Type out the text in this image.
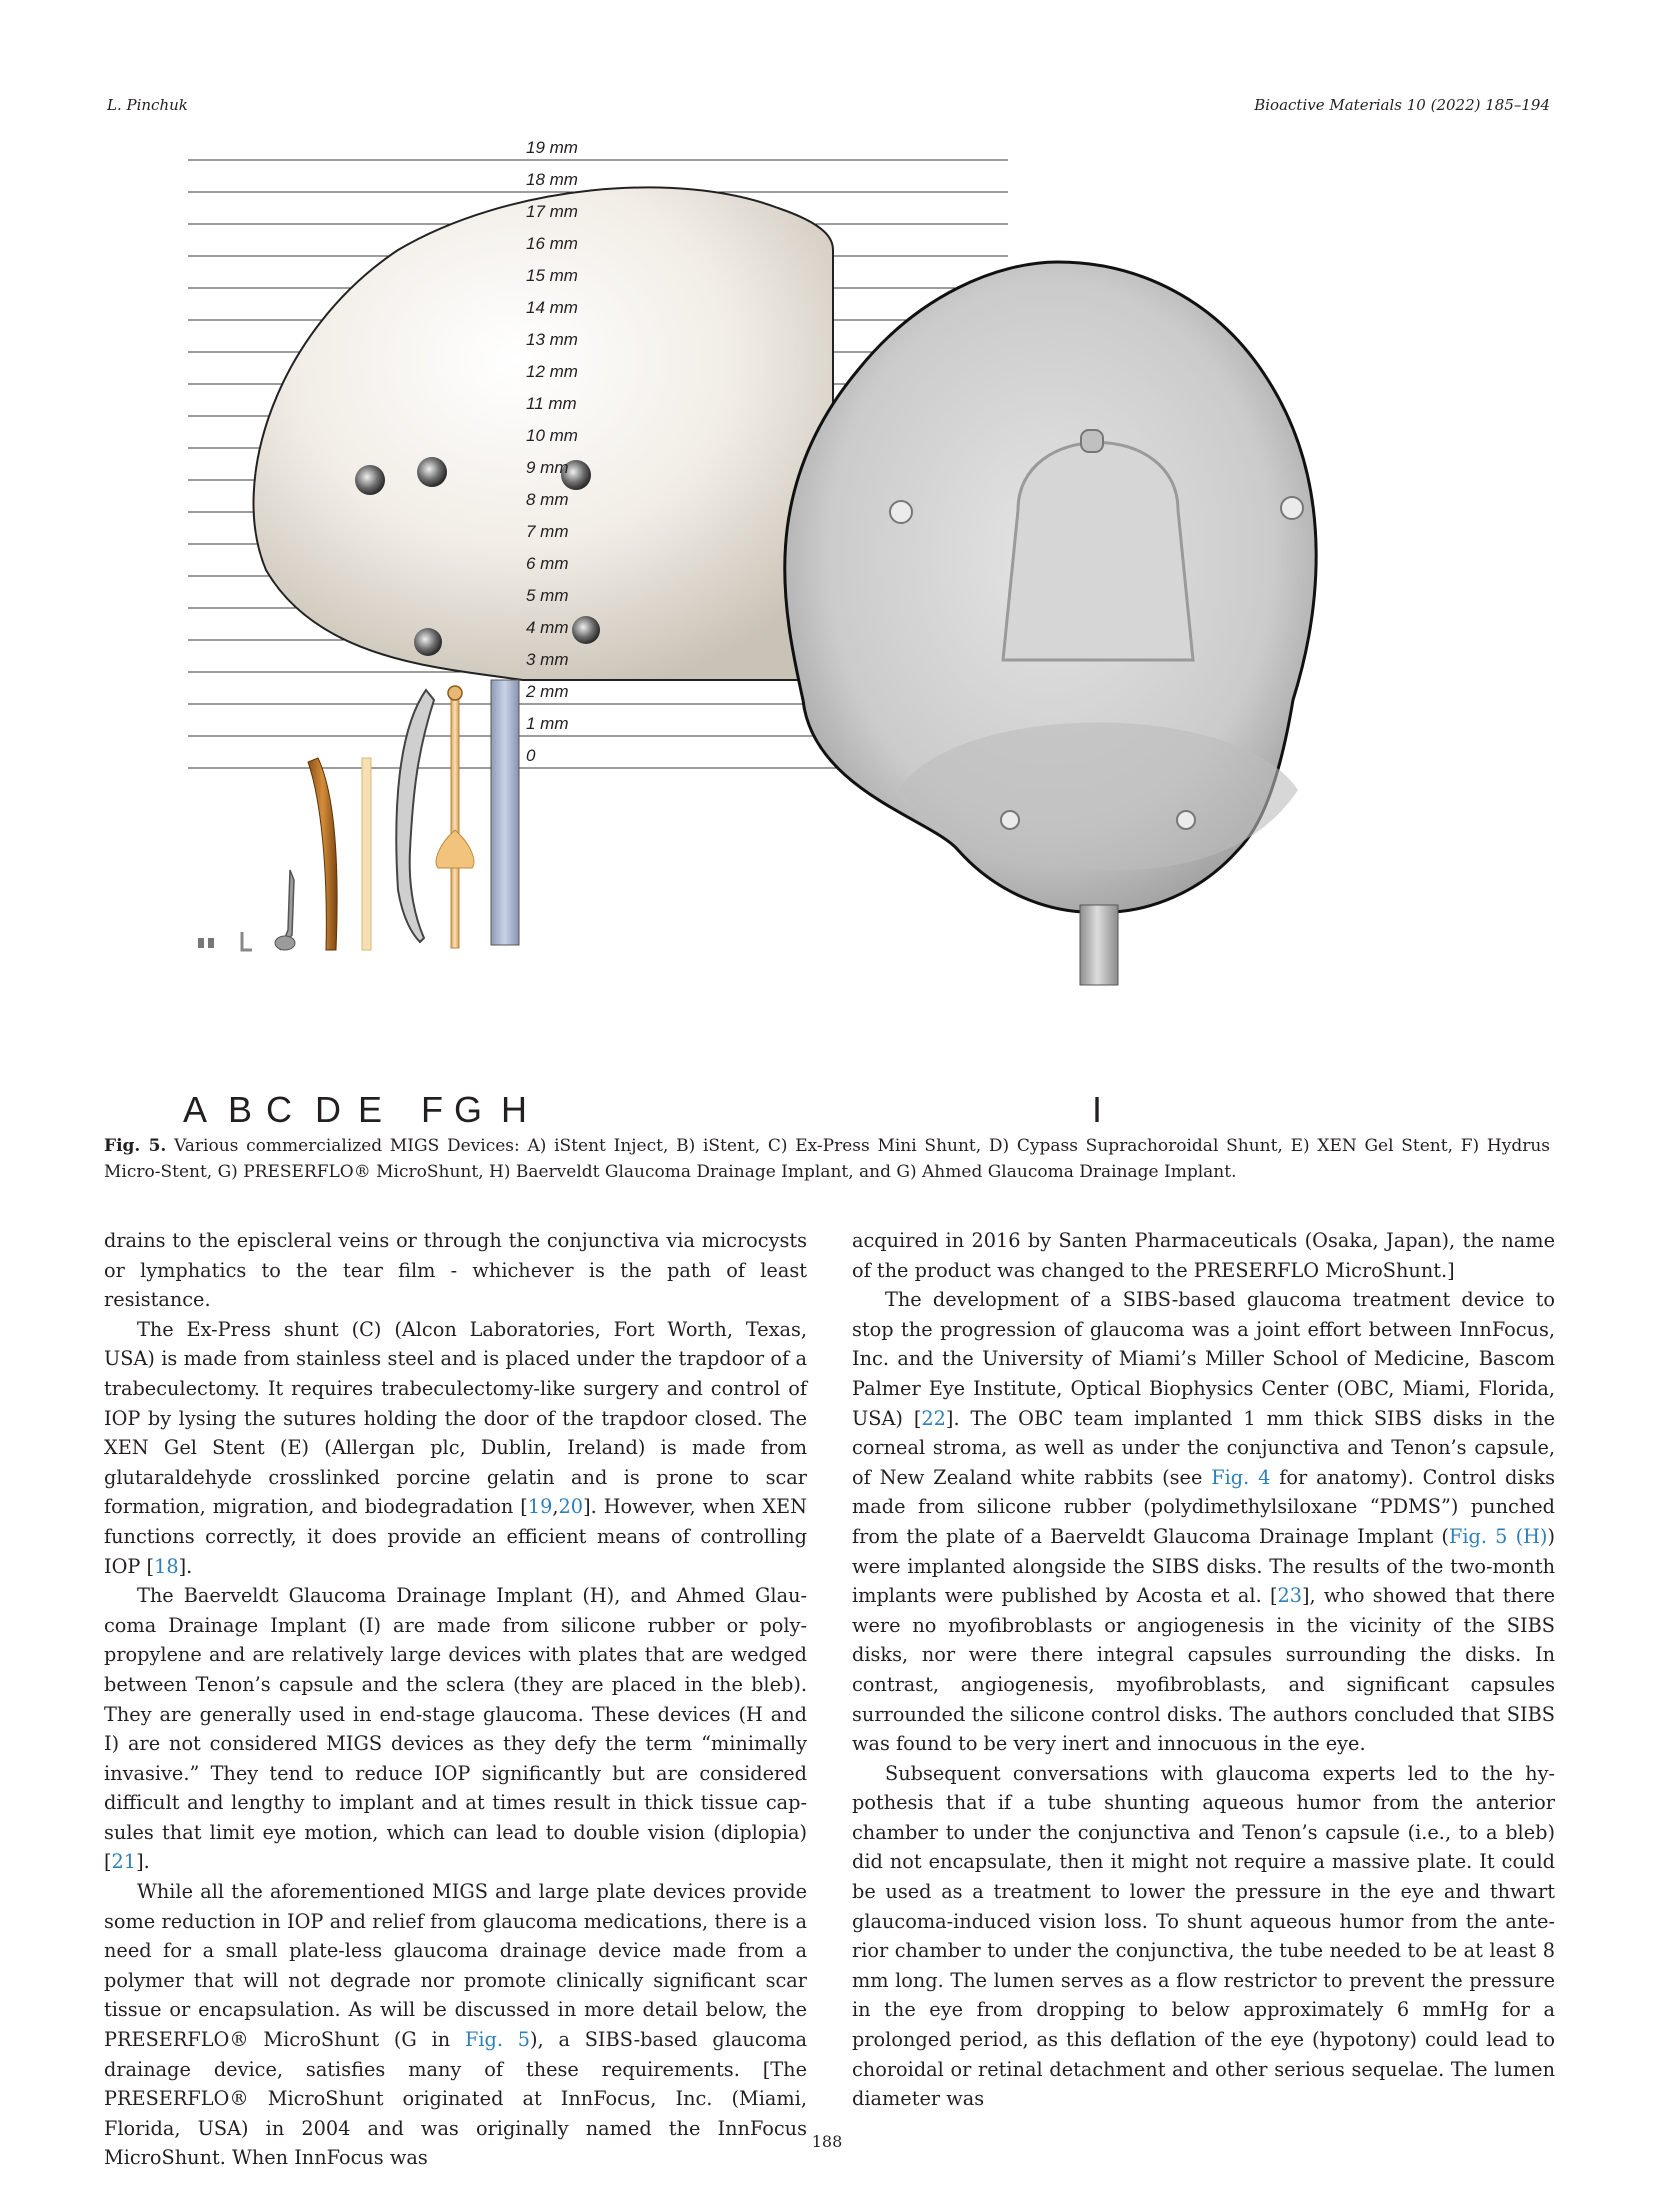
L. Pinchuk	Bioactive Materials 10 (2022) 185–194
19 mm
18 mm
17 mm
16 mm
15 mm
14 mm
13 mm
12 mm
11 mm
10 mm
9 mm
8 mm
7 mm
6 mm
5 mm
4 mm
3 mm
2 mm
1 mm
0
A B C D E F G H	I
Fig. 5. Various commercialized MIGS Devices: A) iStent Inject, B) iStent, C) Ex-Press Mini Shunt, D) Cypass Suprachoroidal Shunt, E) XEN Gel Stent, F) Hydrus Micro-Stent, G) PRESERFLO® MicroShunt, H) Baerveldt Glaucoma Drainage Implant, and G) Ahmed Glaucoma Drainage Implant.

drains to the episcleral veins or through the conjunctiva via microcysts or lymphatics to the tear film - whichever is the path of least resistance.

The Ex-Press shunt (C) (Alcon Laboratories, Fort Worth, Texas, USA) is made from stainless steel and is placed under the trapdoor of a trabeculectomy. It requires trabeculectomy-like surgery and control of IOP by lysing the sutures holding the door of the trapdoor closed. The XEN Gel Stent (E) (Allergan plc, Dublin, Ireland) is made from glutaraldehyde crosslinked porcine gelatin and is prone to scar formation, migration, and biodegradation [19,20]. However, when XEN functions correctly, it does provide an efficient means of controlling IOP [18].

The Baerveldt Glaucoma Drainage Implant (H), and Ahmed Glaucoma Drainage Implant (I) are made from silicone rubber or polypropylene and are relatively large devices with plates that are wedged between Tenon’s capsule and the sclera (they are placed in the bleb). They are generally used in end-stage glaucoma. These devices (H and I) are not considered MIGS devices as they defy the term “minimally invasive.” They tend to reduce IOP significantly but are considered difficult and lengthy to implant and at times result in thick tissue capsules that limit eye motion, which can lead to double vision (diplopia) [21].

While all the aforementioned MIGS and large plate devices provide some reduction in IOP and relief from glaucoma medications, there is a need for a small plate-less glaucoma drainage device made from a polymer that will not degrade nor promote clinically significant scar tissue or encapsulation. As will be discussed in more detail below, the PRESERFLO® MicroShunt (G in Fig. 5), a SIBS-based glaucoma drainage device, satisfies many of these requirements. [The PRESERFLO® MicroShunt originated at InnFocus, Inc. (Miami, Florida, USA) in 2004 and was originally named the InnFocus MicroShunt. When InnFocus was

acquired in 2016 by Santen Pharmaceuticals (Osaka, Japan), the name of the product was changed to the PRESERFLO MicroShunt.]

The development of a SIBS-based glaucoma treatment device to stop the progression of glaucoma was a joint effort between InnFocus, Inc. and the University of Miami’s Miller School of Medicine, Bascom Palmer Eye Institute, Optical Biophysics Center (OBC, Miami, Florida, USA) [22]. The OBC team implanted 1 mm thick SIBS disks in the corneal stroma, as well as under the conjunctiva and Tenon’s capsule, of New Zealand white rabbits (see Fig. 4 for anatomy). Control disks made from silicone rubber (polydimethylsiloxane “PDMS”) punched from the plate of a Baerveldt Glaucoma Drainage Implant (Fig. 5 (H)) were implanted alongside the SIBS disks. The results of the two-month implants were published by Acosta et al. [23], who showed that there were no myofibroblasts or angiogenesis in the vicinity of the SIBS disks, nor were there integral capsules surrounding the disks. In contrast, angiogenesis, myofibroblasts, and significant capsules surrounded the silicone control disks. The authors concluded that SIBS was found to be very inert and innocuous in the eye.

Subsequent conversations with glaucoma experts led to the hypothesis that if a tube shunting aqueous humor from the anterior chamber to under the conjunctiva and Tenon’s capsule (i.e., to a bleb) did not encapsulate, then it might not require a massive plate. It could be used as a treatment to lower the pressure in the eye and thwart glaucoma-induced vision loss. To shunt aqueous humor from the anterior chamber to under the conjunctiva, the tube needed to be at least 8 mm long. The lumen serves as a flow restrictor to prevent the pressure in the eye from dropping to below approximately 6 mmHg for a prolonged period, as this deflation of the eye (hypotony) could lead to choroidal or retinal detachment and other serious sequelae. The lumen diameter was

188
